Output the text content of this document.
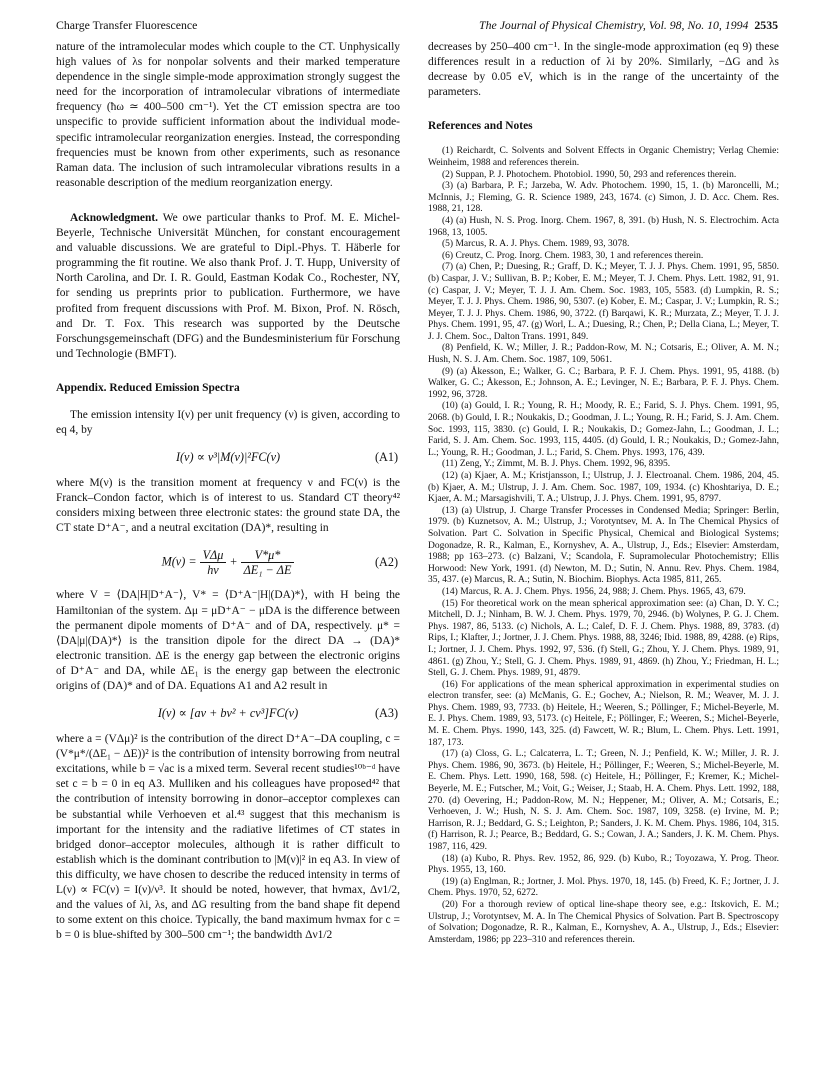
Charge Transfer Fluorescence	The Journal of Physical Chemistry, Vol. 98, No. 10, 1994 2535

nature of the intramolecular modes which couple to the CT. Unphysically high values of λs for nonpolar solvents and their marked temperature dependence in the single simple-mode approximation strongly suggest the need for the incorporation of intramolecular vibrations of intermediate frequency (ħω ≃ 400–500 cm⁻¹). Yet the CT emission spectra are too unspecific to provide sufficient information about the individual mode-specific intramolecular reorganization energies. Instead, the corresponding frequencies must be known from other experiments, such as resonance Raman data. The inclusion of such intramolecular vibrations results in a reasonable description of the medium reorganization energy.

Acknowledgment. We owe particular thanks to Prof. M. E. Michel-Beyerle, Technische Universität München, for constant encouragement and valuable discussions. We are grateful to Dipl.-Phys. T. Häberle for programming the fit routine. We also thank Prof. J. T. Hupp, University of North Carolina, and Dr. I. R. Gould, Eastman Kodak Co., Rochester, NY, for sending us preprints prior to publication. Furthermore, we have profited from frequent discussions with Prof. M. Bixon, Prof. N. Rösch, and Dr. T. Fox. This research was supported by the Deutsche Forschungsgemeinschaft (DFG) and the Bundesministerium für Forschung und Technologie (BMFT).

Appendix. Reduced Emission Spectra

The emission intensity I(ν) per unit frequency (ν) is given, according to eq 4, by

I(ν) ∝ ν³|M(ν)|²FC(ν)	(A1)

where M(ν) is the transition moment at frequency ν and FC(ν) is the Franck–Condon factor, which is of interest to us. Standard CT theory⁴² considers mixing between three electronic states: the ground state DA, the CT state D⁺A⁻, and a neutral excitation (DA)*, resulting in

$M(\nu) = \frac{\text{VΔμ}}{h\nu} + \frac{V*\mu*}{\text{ΔE₁ − ΔE}}$	(A2)

where V = ⟨DA|H|D⁺A⁻⟩, V* = ⟨D⁺A⁻|H|(DA)*⟩, with H being the Hamiltonian of the system. Δμ = μD⁺A⁻ − μDA is the difference between the permanent dipole moments of D⁺A⁻ and of DA, respectively. μ* = ⟨DA|μ|(DA)*⟩ is the transition dipole for the direct DA → (DA)* electronic transition. ΔE is the energy gap between the electronic origins of D⁺A⁻ and DA, while ΔE₁ is the energy gap between the electronic origins of (DA)* and of DA. Equations A1 and A2 result in

I(ν) ∝ [aν + bν² + cν³]FC(ν)	(A3)

where a = (VΔμ)² is the contribution of the direct D⁺A⁻–DA coupling, c = (V*μ*/(ΔE₁ − ΔE))² is the contribution of intensity borrowing from neutral excitations, while b = √ac is a mixed term. Several recent studies¹⁰ᵇ⁻ᵈ have set c = b = 0 in eq A3. Mulliken and his colleagues have proposed⁴² that the contribution of intensity borrowing in donor–acceptor complexes can be substantial while Verhoeven et al.⁴³ suggest that this mechanism is important for the intensity and the radiative lifetimes of CT states in bridged donor–acceptor molecules, although it is rather difficult to establish which is the dominant contribution to |M(ν)|² in eq A3. In view of this difficulty, we have chosen to describe the reduced intensity in terms of L(ν) ∝ FC(ν) = I(ν)/ν³. It should be noted, however, that hνmax, Δν1/2, and the values of λi, λs, and ΔG resulting from the band shape fit depend to some extent on this choice. Typically, the band maximum hνmax for c = b = 0 is blue-shifted by 300–500 cm⁻¹; the bandwidth Δν1/2

decreases by 250–400 cm⁻¹. In the single-mode approximation (eq 9) these differences result in a reduction of λi by 20%. Similarly, −ΔG and λs decrease by 0.05 eV, which is in the range of the uncertainty of the parameters.

References and Notes

(1) Reichardt, C. Solvents and Solvent Effects in Organic Chemistry; Verlag Chemie: Weinheim, 1988 and references therein.

(2) Suppan, P. J. Photochem. Photobiol. 1990, 50, 293 and references therein.

(3) (a) Barbara, P. F.; Jarzeba, W. Adv. Photochem. 1990, 15, 1. (b) Maroncelli, M.; McInnis, J.; Fleming, G. R. Science 1989, 243, 1674. (c) Simon, J. D. Acc. Chem. Res. 1988, 21, 128.

(4) (a) Hush, N. S. Prog. Inorg. Chem. 1967, 8, 391. (b) Hush, N. S. Electrochim. Acta 1968, 13, 1005.

(5) Marcus, R. A. J. Phys. Chem. 1989, 93, 3078.

(6) Creutz, C. Prog. Inorg. Chem. 1983, 30, 1 and references therein.

(7) (a) Chen, P.; Duesing, R.; Graff, D. K.; Meyer, T. J. J. Phys. Chem. 1991, 95, 5850. (b) Caspar, J. V.; Sullivan, B. P.; Kober, E. M.; Meyer, T. J. Chem. Phys. Lett. 1982, 91, 91. (c) Caspar, J. V.; Meyer, T. J. J. Am. Chem. Soc. 1983, 105, 5583. (d) Lumpkin, R. S.; Meyer, T. J. J. Phys. Chem. 1986, 90, 5307. (e) Kober, E. M.; Caspar, J. V.; Lumpkin, R. S.; Meyer, T. J. J. Phys. Chem. 1986, 90, 3722. (f) Barqawi, K. R.; Murzata, Z.; Meyer, T. J. J. Phys. Chem. 1991, 95, 47. (g) Worl, L. A.; Duesing, R.; Chen, P.; Della Ciana, L.; Meyer, T. J. J. Chem. Soc., Dalton Trans. 1991, 849.

(8) Penfield, K. W.; Miller, J. R.; Paddon-Row, M. N.; Cotsaris, E.; Oliver, A. M. N.; Hush, N. S. J. Am. Chem. Soc. 1987, 109, 5061.

(9) (a) Åkesson, E.; Walker, G. C.; Barbara, P. F. J. Chem. Phys. 1991, 95, 4188. (b) Walker, G. C.; Åkesson, E.; Johnson, A. E.; Levinger, N. E.; Barbara, P. F. J. Phys. Chem. 1992, 96, 3728.

(10) (a) Gould, I. R.; Young, R. H.; Moody, R. E.; Farid, S. J. Phys. Chem. 1991, 95, 2068. (b) Gould, I. R.; Noukakis, D.; Goodman, J. L.; Young, R. H.; Farid, S. J. Am. Chem. Soc. 1993, 115, 3830. (c) Gould, I. R.; Noukakis, D.; Gomez-Jahn, L.; Goodman, J. L.; Farid, S. J. Am. Chem. Soc. 1993, 115, 4405. (d) Gould, I. R.; Noukakis, D.; Gomez-Jahn, L.; Young, R. H.; Goodman, J. L.; Farid, S. Chem. Phys. 1993, 176, 439.

(11) Zeng, Y.; Zimmt, M. B. J. Phys. Chem. 1992, 96, 8395.

(12) (a) Kjaer, A. M.; Kristjansson, I.; Ulstrup, J. J. Electroanal. Chem. 1986, 204, 45. (b) Kjaer, A. M.; Ulstrup, J. J. Am. Chem. Soc. 1987, 109, 1934. (c) Khoshtariya, D. E.; Kjaer, A. M.; Marsagishvili, T. A.; Ulstrup, J. J. Phys. Chem. 1991, 95, 8797.

(13) (a) Ulstrup, J. Charge Transfer Processes in Condensed Media; Springer: Berlin, 1979. (b) Kuznetsov, A. M.; Ulstrup, J.; Vorotyntsev, M. A. In The Chemical Physics of Solvation. Part C. Solvation in Specific Physical, Chemical and Biological Systems; Dogonadze, R. R., Kalman, E., Kornyshev, A. A., Ulstrup, J., Eds.; Elsevier: Amsterdam, 1988; pp 163–273. (c) Balzani, V.; Scandola, F. Supramolecular Photochemistry; Ellis Horwood: New York, 1991. (d) Newton, M. D.; Sutin, N. Annu. Rev. Phys. Chem. 1984, 35, 437. (e) Marcus, R. A.; Sutin, N. Biochim. Biophys. Acta 1985, 811, 265.

(14) Marcus, R. A. J. Chem. Phys. 1956, 24, 988; J. Chem. Phys. 1965, 43, 679.

(15) For theoretical work on the mean spherical approximation see: (a) Chan, D. Y. C.; Mitchell, D. J.; Ninham, B. W. J. Chem. Phys. 1979, 70, 2946. (b) Wolynes, P. G. J. Chem. Phys. 1987, 86, 5133. (c) Nichols, A. L.; Calef, D. F. J. Chem. Phys. 1988, 89, 3783. (d) Rips, I.; Klafter, J.; Jortner, J. J. Chem. Phys. 1988, 88, 3246; Ibid. 1988, 89, 4288. (e) Rips, I.; Jortner, J. J. Chem. Phys. 1992, 97, 536. (f) Stell, G.; Zhou, Y. J. Chem. Phys. 1989, 91, 4861. (g) Zhou, Y.; Stell, G. J. Chem. Phys. 1989, 91, 4869. (h) Zhou, Y.; Friedman, H. L.; Stell, G. J. Chem. Phys. 1989, 91, 4879.

(16) For applications of the mean spherical approximation in experimental studies on electron transfer, see: (a) McManis, G. E.; Gochev, A.; Nielson, R. M.; Weaver, M. J. J. Phys. Chem. 1989, 93, 7733. (b) Heitele, H.; Weeren, S.; Pöllinger, F.; Michel-Beyerle, M. E. J. Phys. Chem. 1989, 93, 5173. (c) Heitele, F.; Pöllinger, F.; Weeren, S.; Michel-Beyerle, M. E. Chem. Phys. 1990, 143, 325. (d) Fawcett, W. R.; Blum, L. Chem. Phys. Lett. 1991, 187, 173.

(17) (a) Closs, G. L.; Calcaterra, L. T.; Green, N. J.; Penfield, K. W.; Miller, J. R. J. Phys. Chem. 1986, 90, 3673. (b) Heitele, H.; Pöllinger, F.; Weeren, S.; Michel-Beyerle, M. E. Chem. Phys. Lett. 1990, 168, 598. (c) Heitele, H.; Pöllinger, F.; Kremer, K.; Michel-Beyerle, M. E.; Futscher, M.; Voit, G.; Weiser, J.; Staab, H. A. Chem. Phys. Lett. 1992, 188, 270. (d) Oevering, H.; Paddon-Row, M. N.; Heppener, M.; Oliver, A. M.; Cotsaris, E.; Verhoeven, J. W.; Hush, N. S. J. Am. Chem. Soc. 1987, 109, 3258. (e) Irvine, M. P.; Harrison, R. J.; Beddard, G. S.; Leighton, P.; Sanders, J. K. M. Chem. Phys. 1986, 104, 315. (f) Harrison, R. J.; Pearce, B.; Beddard, G. S.; Cowan, J. A.; Sanders, J. K. M. Chem. Phys. 1987, 116, 429.

(18) (a) Kubo, R. Phys. Rev. 1952, 86, 929. (b) Kubo, R.; Toyozawa, Y. Prog. Theor. Phys. 1955, 13, 160.

(19) (a) Englman, R.; Jortner, J. Mol. Phys. 1970, 18, 145. (b) Freed, K. F.; Jortner, J. J. Chem. Phys. 1970, 52, 6272.

(20) For a thorough review of optical line-shape theory see, e.g.: Itskovich, E. M.; Ulstrup, J.; Vorotyntsev, M. A. In The Chemical Physics of Solvation. Part B. Spectroscopy of Solvation; Dogonadze, R. R., Kalman, E., Kornyshev, A. A., Ulstrup, J., Eds.; Elsevier: Amsterdam, 1986; pp 223–310 and references therein.
